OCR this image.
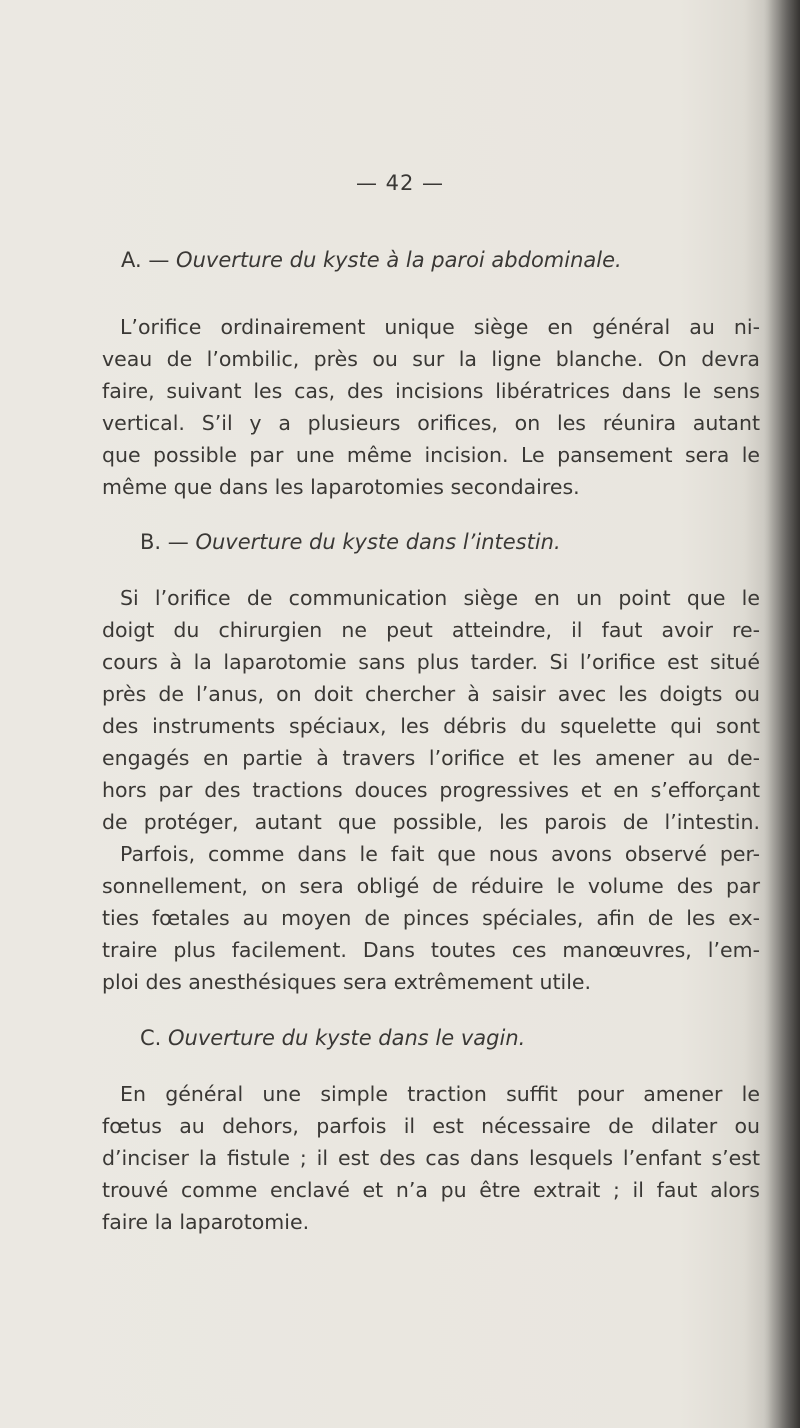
— 42 —
A. — Ouverture du kyste à la paroi abdominale.
L’orifice ordinairement unique siège en général au ni-
veau de l’ombilic, près ou sur la ligne blanche. On devra
faire, suivant les cas, des incisions libératrices dans le sens
vertical. S’il y a plusieurs orifices, on les réunira autant
que possible par une même incision. Le pansement sera le
même que dans les laparotomies secondaires.
B. — Ouverture du kyste dans l’intestin.
Si l’orifice de communication siège en un point que le
doigt du chirurgien ne peut atteindre, il faut avoir re-
cours à la laparotomie sans plus tarder. Si l’orifice est situé
près de l’anus, on doit chercher à saisir avec les doigts ou
des instruments spéciaux, les débris du squelette qui sont
engagés en partie à travers l’orifice et les amener au de-
hors par des tractions douces progressives et en s’efforçant
de protéger, autant que possible, les parois de l’intestin.
Parfois, comme dans le fait que nous avons observé per-
sonnellement, on sera obligé de réduire le volume des par
ties fœtales au moyen de pinces spéciales, afin de les ex-
traire plus facilement. Dans toutes ces manœuvres, l’em-
ploi des anesthésiques sera extrêmement utile.
C. Ouverture du kyste dans le vagin.
En général une simple traction suffit pour amener le
fœtus au dehors, parfois il est nécessaire de dilater ou
d’inciser la fistule ; il est des cas dans lesquels l’enfant s’est
trouvé comme enclavé et n’a pu être extrait ; il faut alors
faire la laparotomie.
